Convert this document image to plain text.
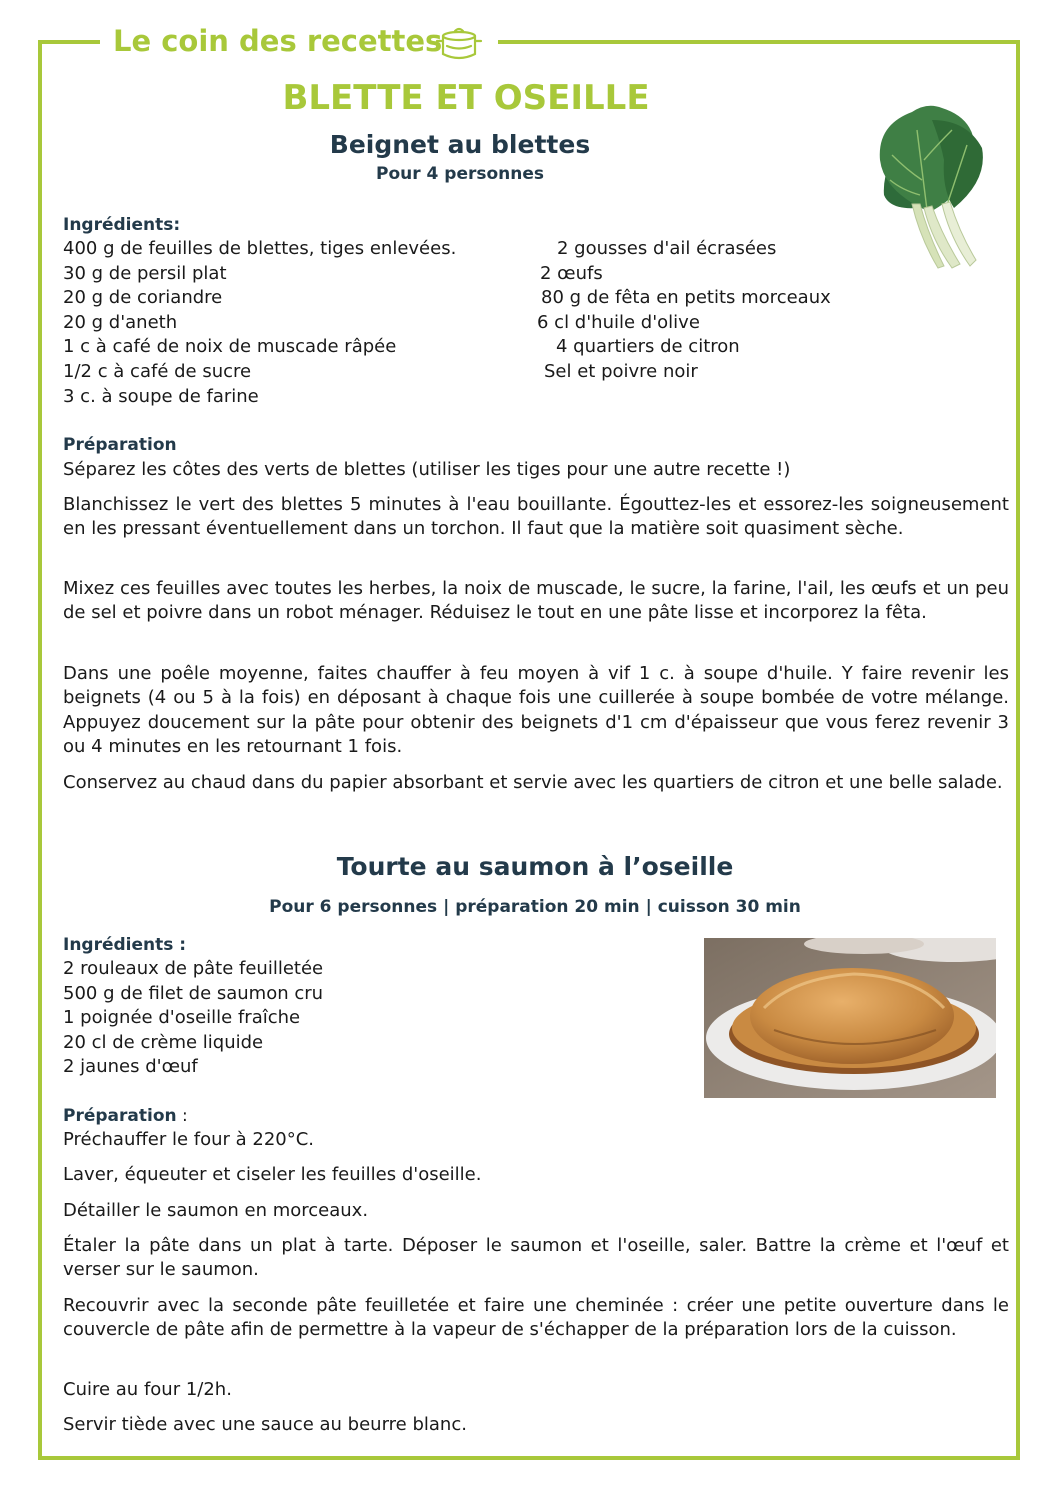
Le coin des recettes
BLETTE ET OSEILLE
Beignet au blettes
Pour 4 personnes
Ingrédients:
400 g de feuilles de blettes, tiges enlevées.
30 g de persil plat
20 g de coriandre
20 g d'aneth
1 c à café de noix de muscade râpée
1/2 c à café de sucre
3 c. à soupe de farine
2 gousses d'ail écrasées
2 œufs
80 g de fêta en petits morceaux
6 cl d'huile d'olive
4 quartiers de citron
Sel et poivre noir
Préparation

Séparez les côtes des verts de blettes (utiliser les tiges pour une autre recette !)

Blanchissez le vert des blettes 5 minutes à l'eau bouillante. Égouttez-les et essorez-les soigneusement en les pressant éventuellement dans un torchon. Il faut que la matière soit quasiment sèche.

Mixez ces feuilles avec toutes les herbes, la noix de muscade, le sucre, la farine, l'ail, les œufs et un peu de sel et poivre dans un robot ménager. Réduisez le tout en une pâte lisse et incorporez la fêta.

Dans une poêle moyenne, faites chauffer à feu moyen à vif 1 c. à soupe d'huile. Y faire revenir les beignets (4 ou 5 à la fois) en déposant à chaque fois une cuillerée à soupe bombée de votre mélange. Appuyez doucement sur la pâte pour obtenir des beignets d'1 cm d'épaisseur que vous ferez revenir 3 ou 4 minutes en les retournant 1 fois.

Conservez au chaud dans du papier absorbant et servie avec les quartiers de citron et une belle salade.

Tourte au saumon à l’oseille
Pour 6 personnes | préparation 20 min | cuisson 30 min
Ingrédients :
2 rouleaux de pâte feuilletée
500 g de filet de saumon cru
1 poignée d'oseille fraîche
20 cl de crème liquide
2 jaunes d'œuf
Préparation :

Préchauffer le four à 220°C.

Laver, équeuter et ciseler les feuilles d'oseille.

Détailler le saumon en morceaux.

Étaler la pâte dans un plat à tarte. Déposer le saumon et l'oseille, saler. Battre la crème et l'œuf et verser sur le saumon.

Recouvrir avec la seconde pâte feuilletée et faire une cheminée : créer une petite ouverture dans le couvercle de pâte afin de permettre à la vapeur de s'échapper de la préparation lors de la cuisson.

Cuire au four 1/2h.

Servir tiède avec une sauce au beurre blanc.
